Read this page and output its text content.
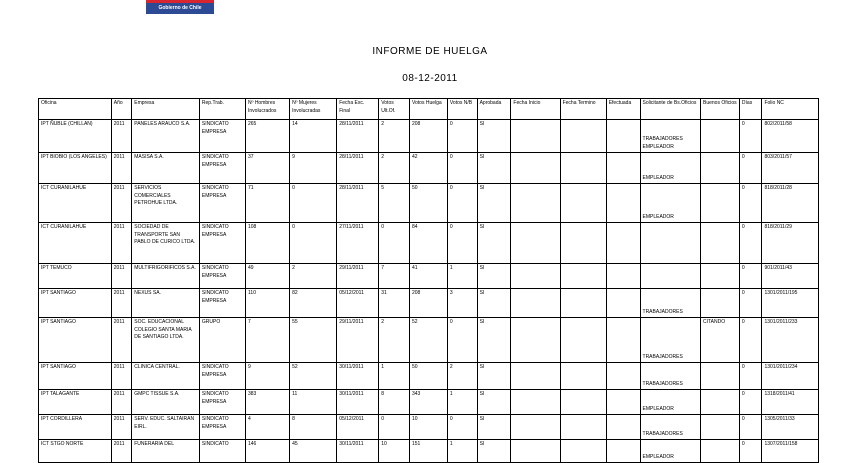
Gobierno de Chile
INFORME DE HUELGA
08-12-2011
Oficina	Año	Empresa	Rep.Trab.	Nº Hombres Involucrados	Nº Mujeres Involucradas	Fecha Exc. Final	Votos Ult.Of.	Votos Huelga	Votos N/B	Aprobada	Fecha Inicio	Fecha Termino	Efectuada	Solicitante de Bs.Oficios	Buenos Oficios	Días	Folio NC
IPT ÑUBLE (CHILLAN)	2011	PANELES ARAUCO S.A.	SINDICATO EMPRESA	265	14	28/11/2011	2	208	0	SI				TRABAJADORES EMPLEADOR		0	802/2011/58
IPT BIOBIO (LOS ANGELES)	2011	MASISA S.A.	SINDICATO EMPRESA	37	9	28/11/2011	2	42	0	SI				EMPLEADOR		0	803/2011/57
ICT CURANILAHUE	2011	SERVICIOS COMERCIALES PETROHUE LTDA.	SINDICATO EMPRESA	71	0	28/11/2011	5	50	0	SI				EMPLEADOR		0	818/2011/28
ICT CURANILAHUE	2011	SOCIEDAD DE TRANSPORTE SAN PABLO DE CURICO LTDA.	SINDICATO EMPRESA	108	0	27/11/2011	0	84	0	SI						0	818/2011/29
IPT TEMUCO	2011	MULTIFRIGORIFICOS S.A.	SINDICATO EMPRESA	49	2	29/11/2011	7	41	1	SI						0	901/2011/43
IPT SANTIAGO	2011	NEXUS SA.	SINDICATO EMPRESA	110	82	05/12/2011	31	208	3	SI				TRABAJADORES		0	1301/2011/195
IPT SANTIAGO	2011	SOC. EDUCACIONAL COLEGIO SANTA MARIA DE SANTIAGO LTDA.	GRUPO	7	55	29/11/2011	2	52	0	SI				TRABAJADORES	CITANDO	0	1301/2011/233
IPT SANTIAGO	2011	CLINICA CENTRAL.	SINDICATO EMPRESA	9	52	30/11/2011	1	50	2	SI				TRABAJADORES		0	1301/2011/234
IPT TALAGANTE	2011	GMPC TISSUE S.A.	SINDICATO EMPRESA	383	11	30/11/2011	8	343	1	SI				EMPLEADOR		0	1318/2011/41
IPT CORDILLERA	2011	SERV. EDUC. SALTAIRAN EIRL.	SINDICATO EMPRESA	4	8	05/12/2011	0	10	0	SI				TRABAJADORES		0	1305/2011/33
ICT STGO NORTE	2011	FUNERARIA DEL	SINDICATO	146	45	30/11/2011	10	151	1	SI				EMPLEADOR		0	1307/2011/158
